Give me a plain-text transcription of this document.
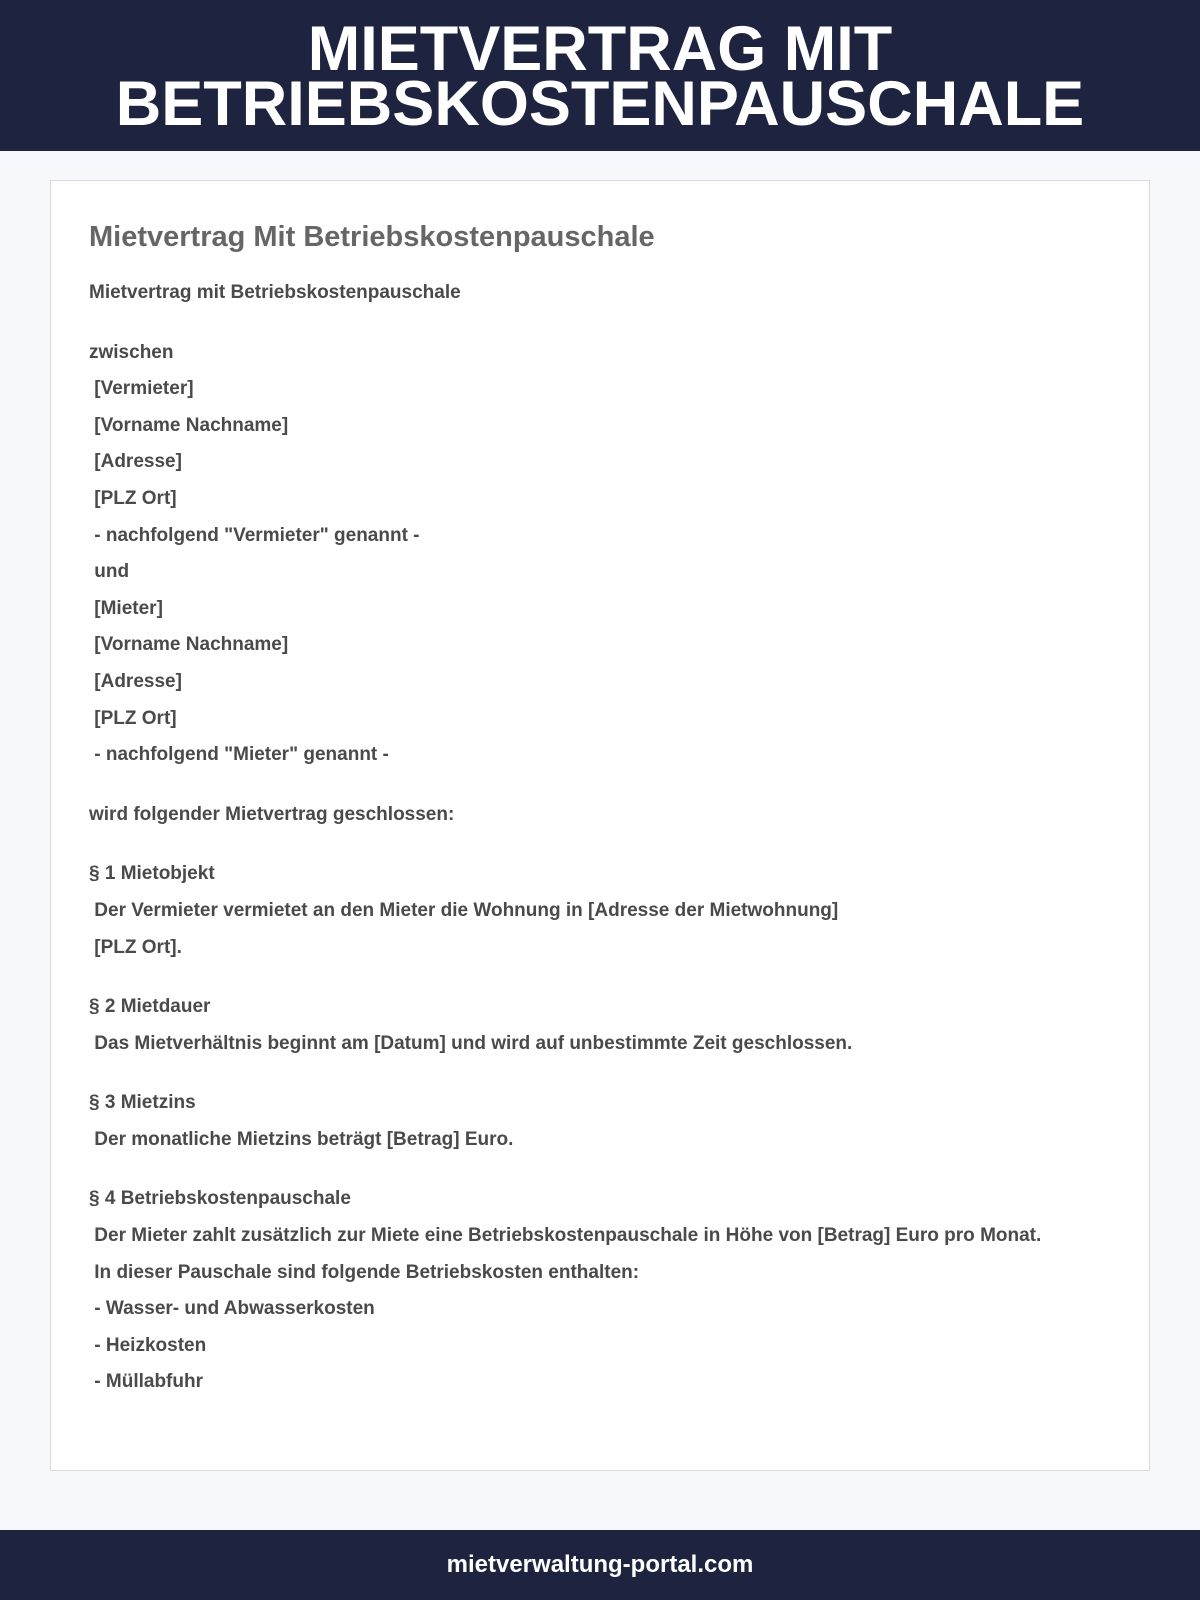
MIETVERTRAG MIT
BETRIEBSKOSTENPAUSCHALE
Mietvertrag Mit Betriebskostenpauschale
Mietvertrag mit Betriebskostenpauschale
zwischen
[Vermieter]
[Vorname Nachname]
[Adresse]
[PLZ Ort]
- nachfolgend "Vermieter" genannt -
und
[Mieter]
[Vorname Nachname]
[Adresse]
[PLZ Ort]
- nachfolgend "Mieter" genannt -
wird folgender Mietvertrag geschlossen:
§ 1 Mietobjekt
Der Vermieter vermietet an den Mieter die Wohnung in [Adresse der Mietwohnung]
[PLZ Ort].
§ 2 Mietdauer
Das Mietverhältnis beginnt am [Datum] und wird auf unbestimmte Zeit geschlossen.
§ 3 Mietzins
Der monatliche Mietzins beträgt [Betrag] Euro.
§ 4 Betriebskostenpauschale
Der Mieter zahlt zusätzlich zur Miete eine Betriebskostenpauschale in Höhe von [Betrag] Euro pro Monat.
In dieser Pauschale sind folgende Betriebskosten enthalten:
- Wasser- und Abwasserkosten
- Heizkosten
- Müllabfuhr
mietverwaltung-portal.com
